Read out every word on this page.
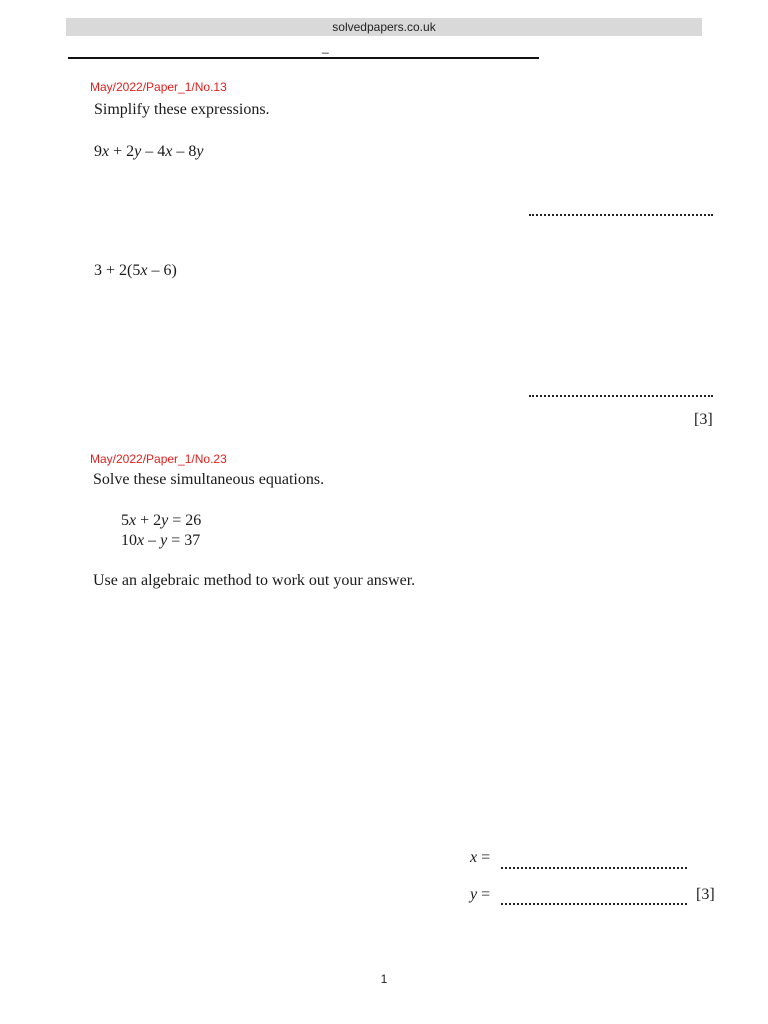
solvedpapers.co.uk
_
May/2022/Paper_1/No.13
Simplify these expressions.
9x + 2y – 4x – 8y
3 + 2(5x – 6)
[3]
May/2022/Paper_1/No.23
Solve these simultaneous equations.
5x + 2y = 26
10x – y = 37
Use an algebraic method to work out your answer.
x =
y =	[3]
1
